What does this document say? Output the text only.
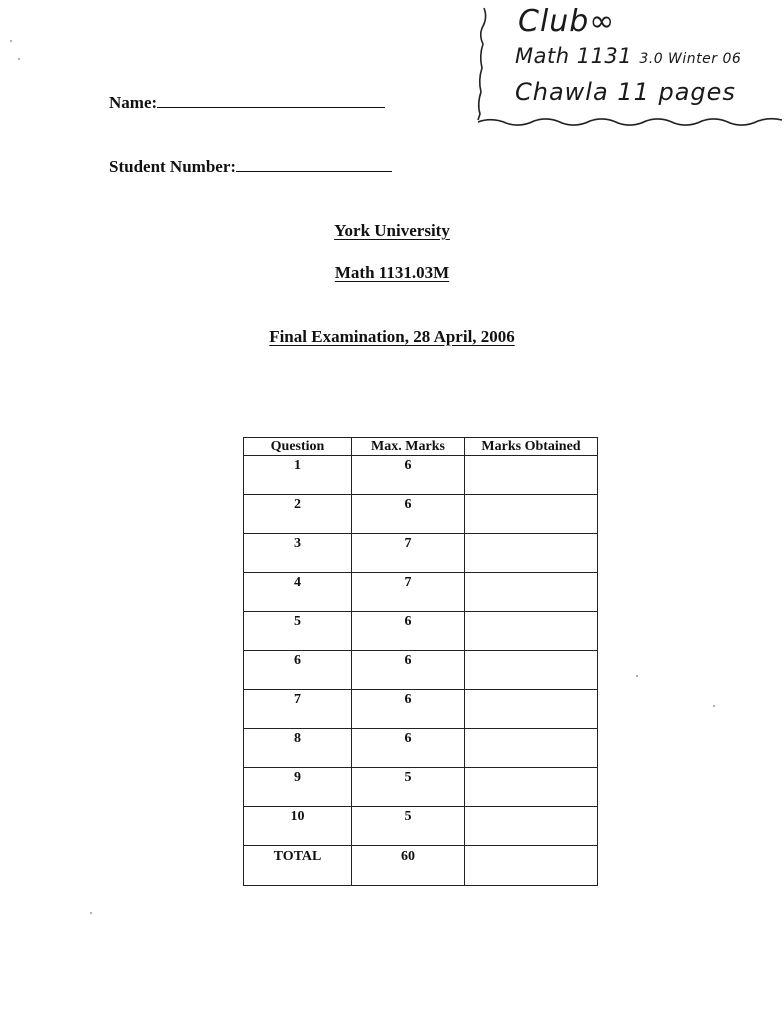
Club∞
Math 1131 3.0 Winter 06
Chawla 11 pages
Name:
Student Number:
York University
Math 1131.03M
Final Examination, 28 April, 2006
Question	Max. Marks	Marks Obtained
1	6	
2	6	
3	7	
4	7	
5	6	
6	6	
7	6	
8	6	
9	5	
10	5	
TOTAL	60	
